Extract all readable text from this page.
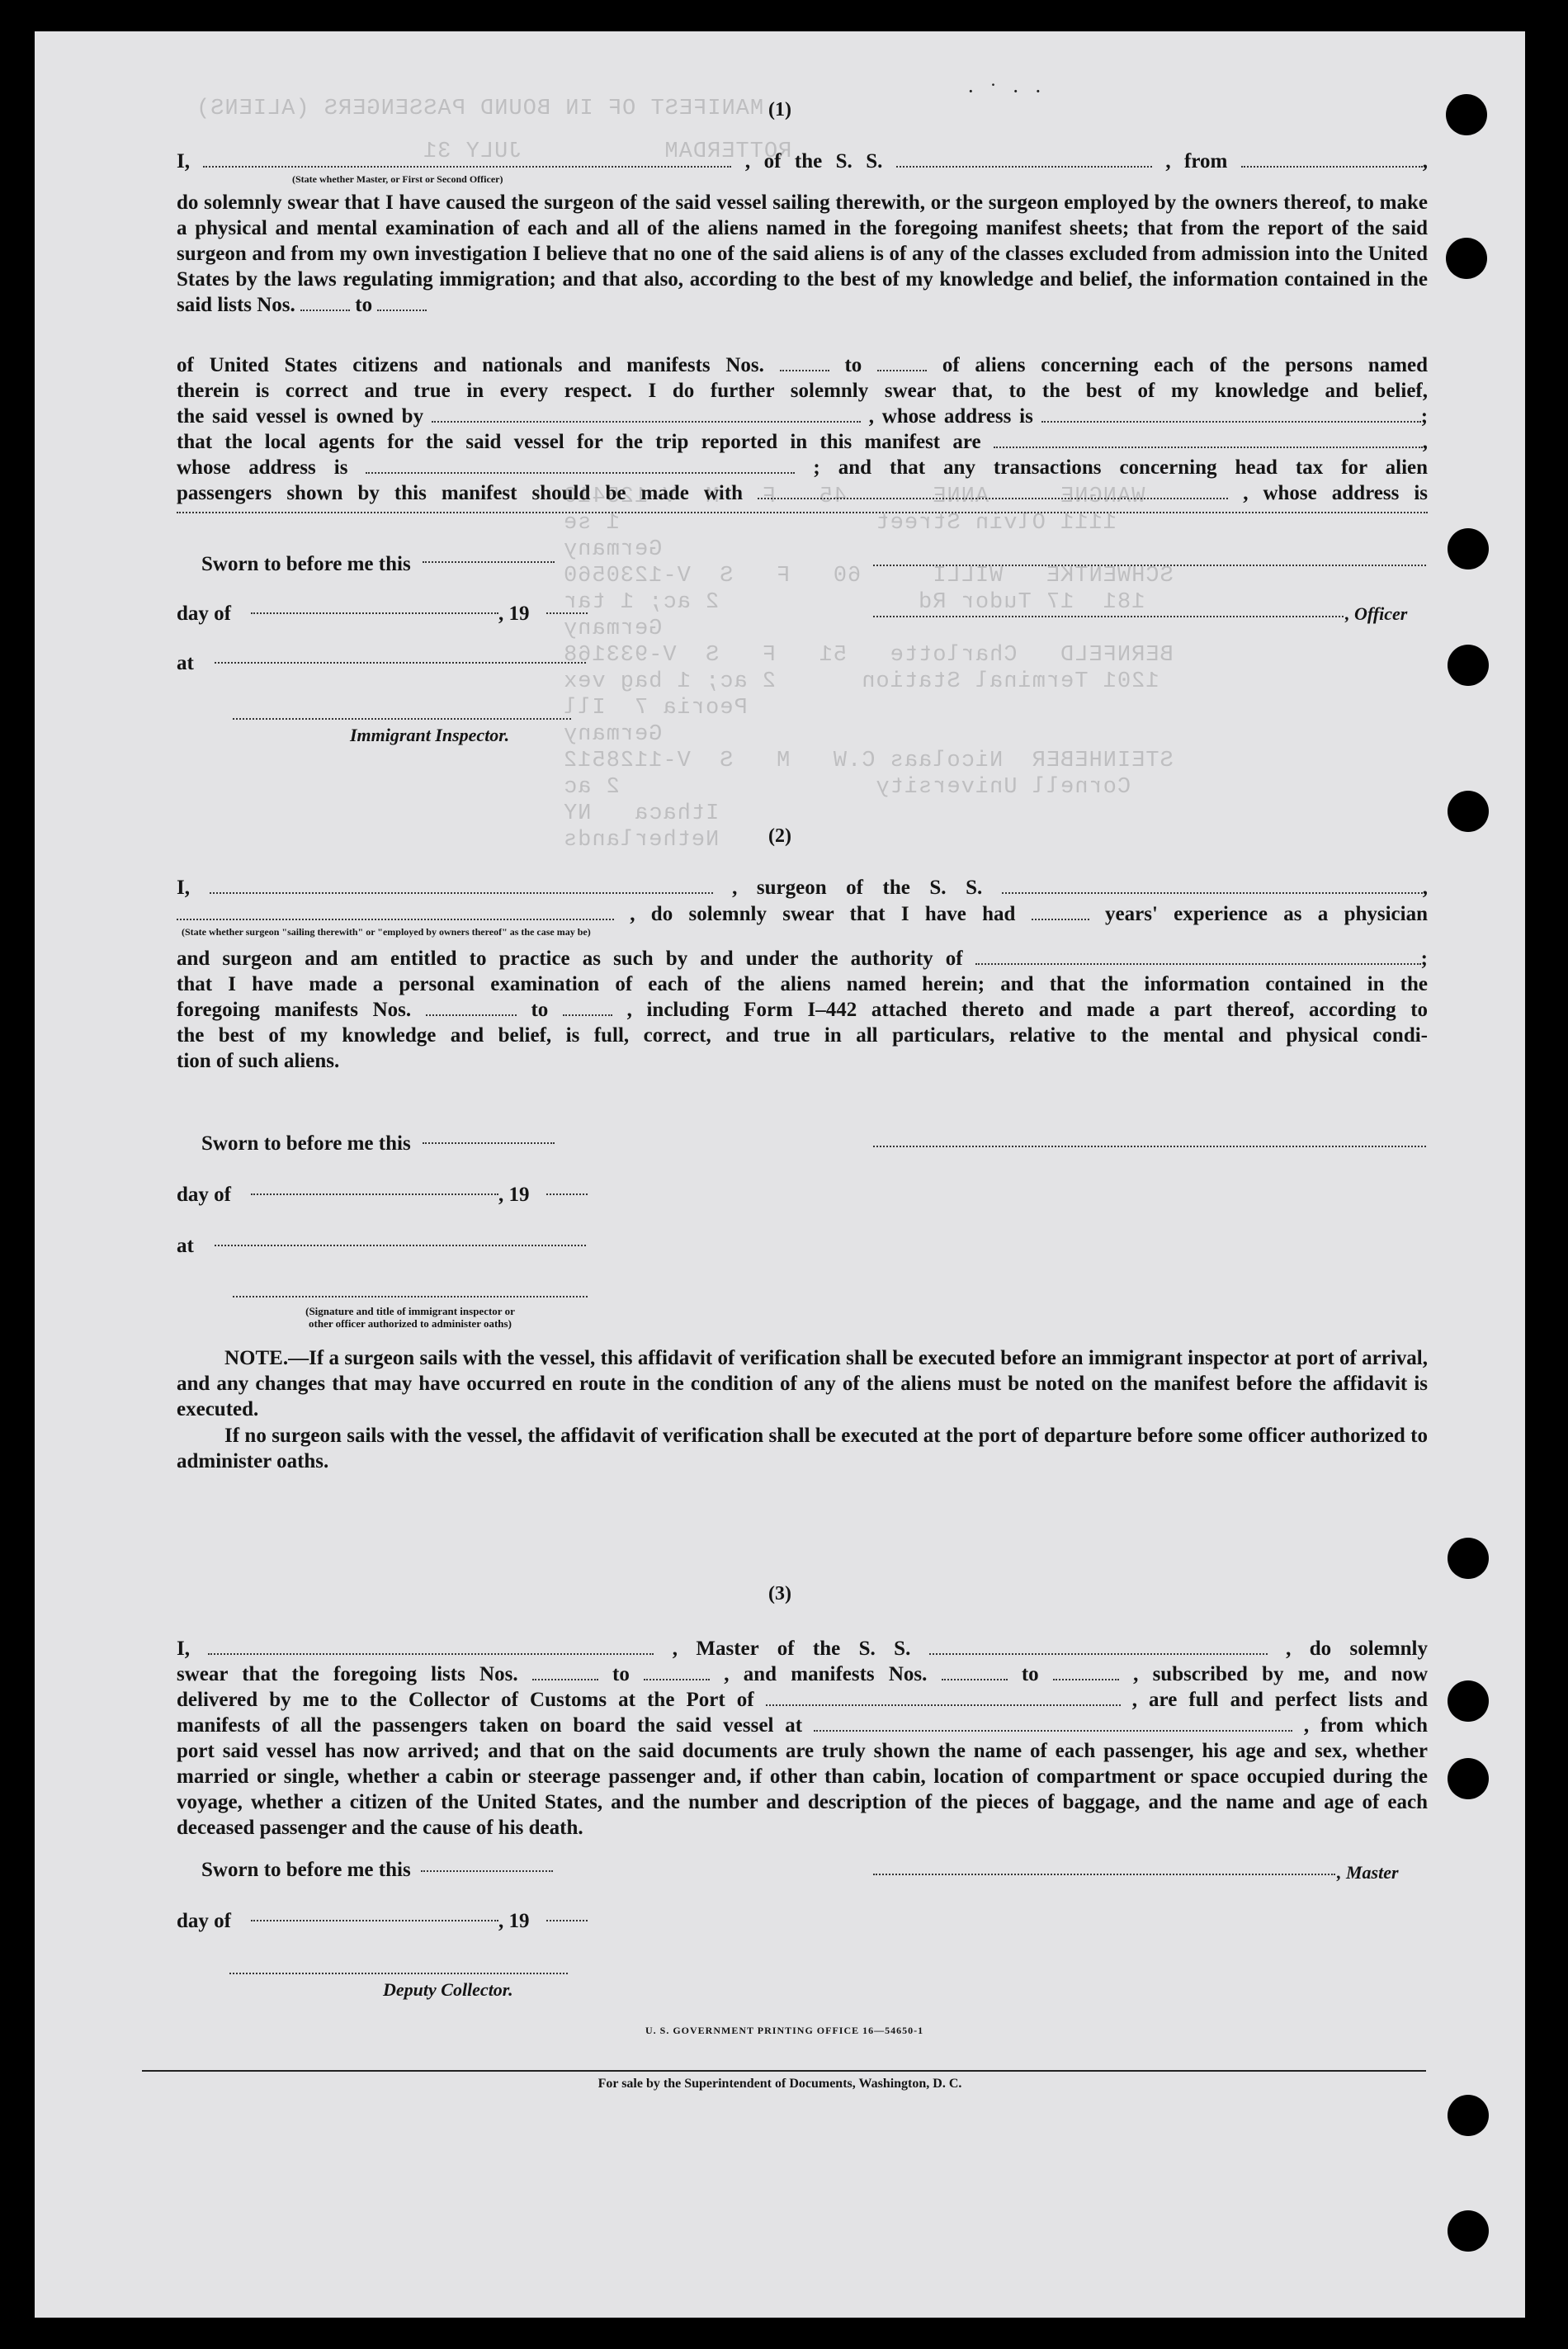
MANIFEST OF IN BOUND PASSENGERS (ALIENS)
ROTTERDAM          JULY 31
WANGNE     ANNE      45   F   M  V-125410
1111 Olvin Street                  1 se
Germany
SCHWENTKE   WILLI     60   F   S  V-1230560
181  17 Tudor Rd              2 ac; 1 tar
Germany
BERNFELD   Charlotte   51   F   S  V-933168
1201 Terminal Station      2 ac; 1 bag vex
Peoria 7  Ill
Germany
STEINHEBER  Nicolaas C.W   M   S  V-1128512
Cornell University                  2 ac
Ithaca   NY
Netherlands
· ˙ · ·
(1)
I,	, of the S. S.	, from	,
(State whether Master, or First or Second Officer)
do solemnly swear that I have caused the surgeon of the said vessel sailing therewith, or the surgeon employed by the owners thereof, to make a physical and mental examination of each and all of the aliens named in the foregoing manifest sheets; that from the report of the said surgeon and from my own investigation I believe that no one of the said aliens is of any of the classes excluded from admission into the United States by the laws regulating immigration; and that also, according to the best of my knowledge and belief, the information contained in the said lists Nos.	to
of United States citizens and nationals and manifests Nos.	to	of aliens concerning each of the persons named
therein is correct and true in every respect. I do further solemnly swear that, to the best of my knowledge and belief,
the said vessel is owned by	, whose address is	;
that the local agents for the said vessel for the trip reported in this manifest are	,
whose address is	; and that any transactions concerning head tax for alien
passengers shown by this manifest should be made with	, whose address is
Sworn to before me this
day of	, 19	, Officer
at
Immigrant Inspector.
(2)
I,	, surgeon of the S. S.	,
, do solemnly swear that I have had	years' experience as a physician
(State whether surgeon "sailing therewith" or "employed by owners thereof" as the case may be)
and surgeon and am entitled to practice as such by and under the authority of	;
that I have made a personal examination of each of the aliens named herein; and that the information contained in the
foregoing manifests Nos.	to	, including Form I–442 attached thereto and made a part thereof, according to
the best of my knowledge and belief, is full, correct, and true in all particulars, relative to the mental and physical condi-
tion of such aliens.
Sworn to before me this
day of	, 19
at
(Signature and title of immigrant inspector or
other officer authorized to administer oaths)
NOTE.—If a surgeon sails with the vessel, this affidavit of verification shall be executed before an immigrant inspector at port of arrival, and any changes that may have occurred en route in the condition of any of the aliens must be noted on the manifest before the affidavit is executed.
If no surgeon sails with the vessel, the affidavit of verification shall be executed at the port of departure before some officer authorized to administer oaths.
(3)
I,	, Master of the S. S.	, do solemnly
swear that the foregoing lists Nos.	to	, and manifests Nos.	to	, subscribed by me, and now
delivered by me to the Collector of Customs at the Port of	, are full and perfect lists and
manifests of all the passengers taken on board the said vessel at	, from which
port said vessel has now arrived; and that on the said documents are truly shown the name of each passenger, his age and sex, whether married or single, whether a cabin or steerage passenger and, if other than cabin, location of compartment or space occupied during the voyage, whether a citizen of the United States, and the number and description of the pieces of baggage, and the name and age of each deceased passenger and the cause of his death.
Sworn to before me this	, Master
day of	, 19
Deputy Collector.
U. S. GOVERNMENT PRINTING OFFICE 16—54650-1
For sale by the Superintendent of Documents, Washington, D. C.
